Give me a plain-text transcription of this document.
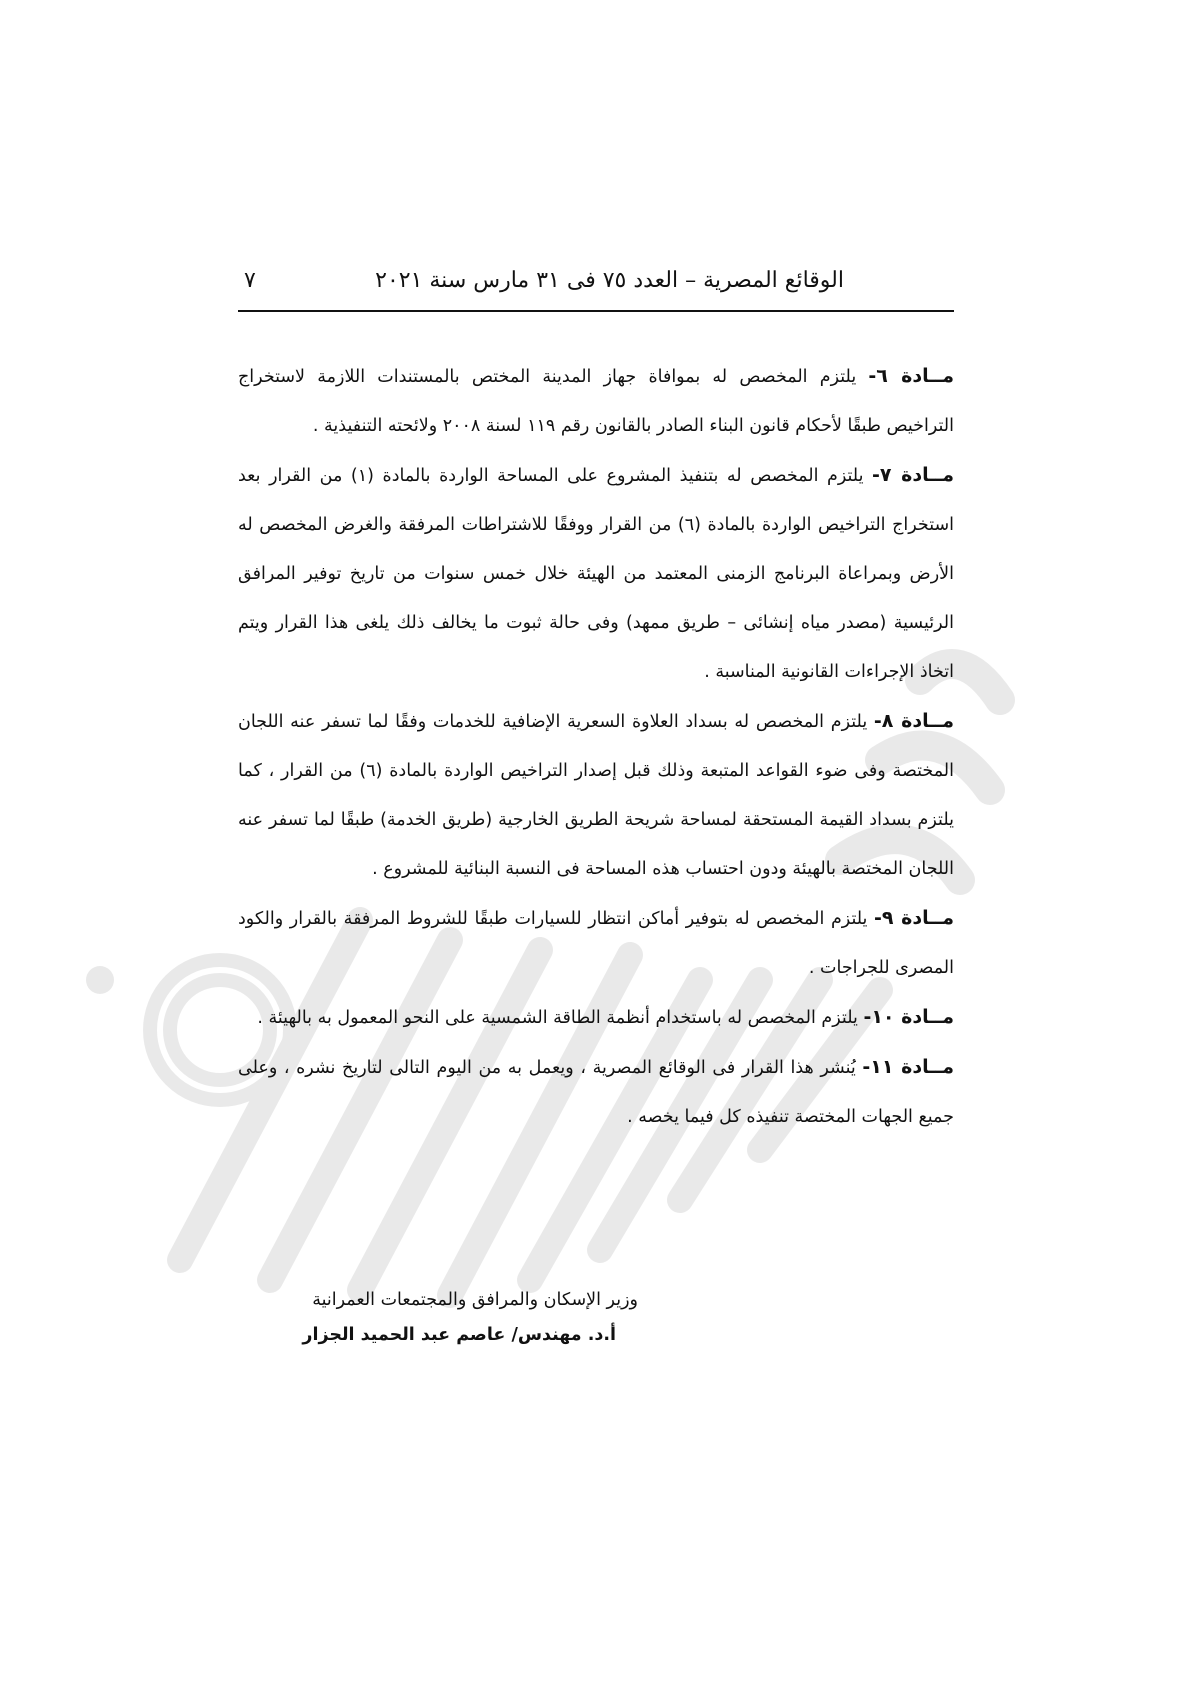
الوقائع المصرية – العدد ٧٥ فى ٣١ مارس سنة ٢٠٢١
٧

مــادة ٦- يلتزم المخصص له بموافاة جهاز المدينة المختص بالمستندات اللازمة لاستخراج التراخيص طبقًا لأحكام قانون البناء الصادر بالقانون رقم ١١٩ لسنة ٢٠٠٨ ولائحته التنفيذية .

مــادة ٧- يلتزم المخصص له بتنفيذ المشروع على المساحة الواردة بالمادة (١) من القرار بعد استخراج التراخيص الواردة بالمادة (٦) من القرار ووفقًا للاشتراطات المرفقة والغرض المخصص له الأرض وبمراعاة البرنامج الزمنى المعتمد من الهيئة خلال خمس سنوات من تاريخ توفير المرافق الرئيسية (مصدر مياه إنشائى – طريق ممهد) وفى حالة ثبوت ما يخالف ذلك يلغى هذا القرار ويتم اتخاذ الإجراءات القانونية المناسبة .

مــادة ٨- يلتزم المخصص له بسداد العلاوة السعرية الإضافية للخدمات وفقًا لما تسفر عنه اللجان المختصة وفى ضوء القواعد المتبعة وذلك قبل إصدار التراخيص الواردة بالمادة (٦) من القرار ، كما يلتزم بسداد القيمة المستحقة لمساحة شريحة الطريق الخارجية (طريق الخدمة) طبقًا لما تسفر عنه اللجان المختصة بالهيئة ودون احتساب هذه المساحة فى النسبة البنائية للمشروع .

مــادة ٩- يلتزم المخصص له بتوفير أماكن انتظار للسيارات طبقًا للشروط المرفقة بالقرار والكود المصرى للجراجات .

مــادة ١٠- يلتزم المخصص له باستخدام أنظمة الطاقة الشمسية على النحو المعمول به بالهيئة .

مــادة ١١- يُنشر هذا القرار فى الوقائع المصرية ، ويعمل به من اليوم التالى لتاريخ نشره ، وعلى جميع الجهات المختصة تنفيذه كل فيما يخصه .

وزير الإسكان والمرافق والمجتمعات العمرانية
أ.د. مهندس/ عاصم عبد الحميد الجزار
